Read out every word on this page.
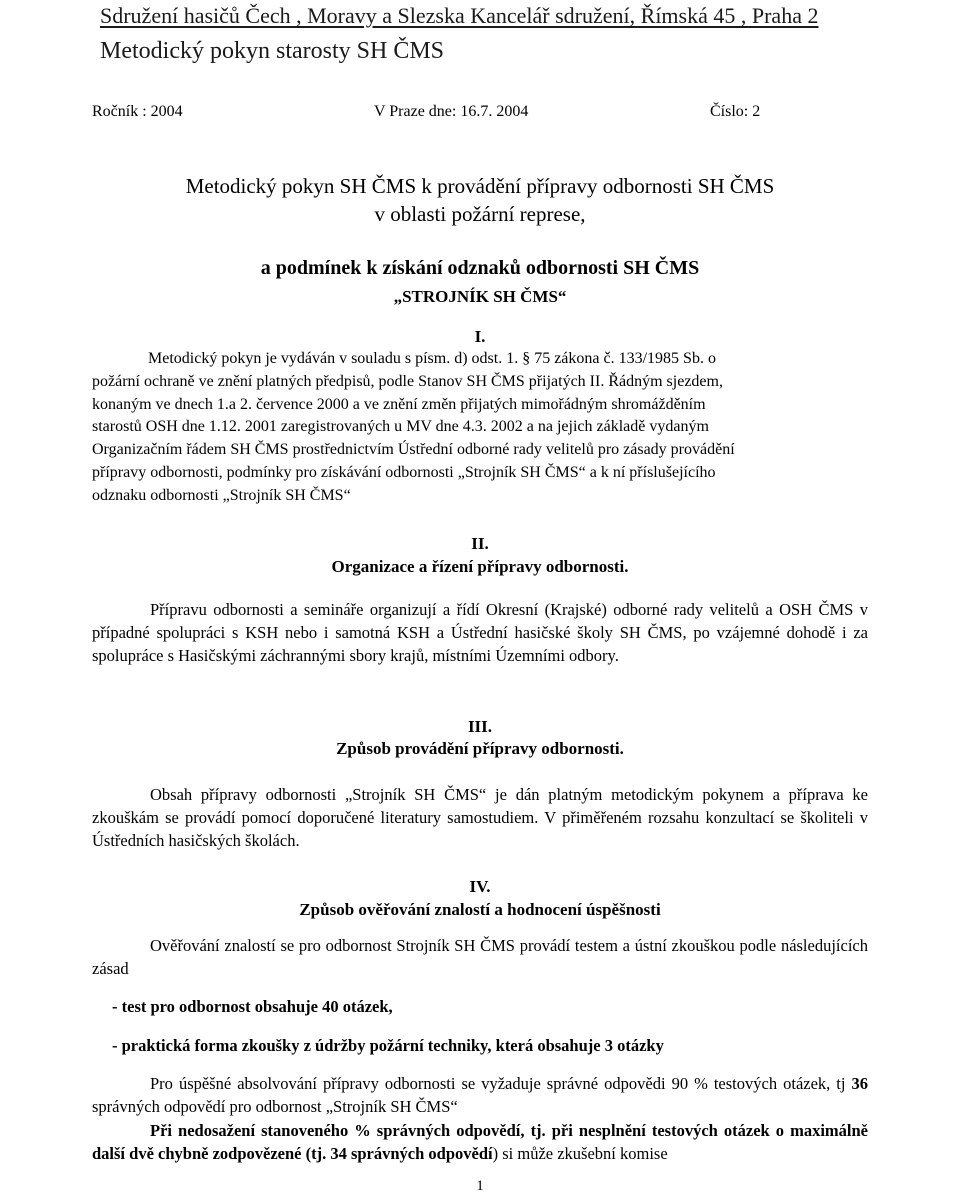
Sdružení hasičů Čech , Moravy a Slezska Kancelář sdružení, Římská 45 , Praha 2
Metodický pokyn starosty SH ČMS
Ročník : 2004	V Praze dne: 16.7. 2004	Číslo: 2
Metodický pokyn SH ČMS k provádění přípravy odbornosti SH ČMS
v oblasti požární represe,
a podmínek k získání odznaků odbornosti SH ČMS
„STROJNÍK SH ČMS“
I.
Metodický pokyn je vydáván v souladu s písm. d) odst. 1. § 75 zákona č. 133/1985 Sb. o
požární ochraně ve znění platných předpisů, podle Stanov SH ČMS přijatých II. Řádným sjezdem,
konaným ve dnech 1.a 2. července 2000 a ve znění změn přijatých mimořádným shromážděním
starostů OSH dne 1.12. 2001 zaregistrovaných u MV dne 4.3. 2002 a na jejich základě vydaným
Organizačním řádem SH ČMS prostřednictvím Ústřední odborné rady velitelů pro zásady provádění
přípravy odbornosti, podmínky pro získávání odbornosti „Strojník SH ČMS“ a k ní příslušejícího
odznaku odbornosti „Strojník SH ČMS“
II.
Organizace a řízení přípravy odbornosti.
Přípravu odbornosti a semináře organizují a řídí Okresní (Krajské) odborné rady velitelů a OSH ČMS v případné spolupráci s KSH nebo i samotná KSH a Ústřední hasičské školy SH ČMS, po vzájemné dohodě i za spolupráce s Hasičskými záchrannými sbory krajů, místními Územními odbory.
III.
Způsob provádění přípravy odbornosti.
Obsah přípravy odbornosti „Strojník SH ČMS“ je dán platným metodickým pokynem a příprava ke zkouškám se provádí pomocí doporučené literatury samostudiem. V přiměřeném rozsahu konzultací se školiteli v Ústředních hasičských školách.
IV.
Způsob ověřování znalostí a hodnocení úspěšnosti
Ověřování znalostí se pro odbornost Strojník SH ČMS provádí testem a ústní zkouškou podle následujících zásad
- test pro odbornost obsahuje 40 otázek,
- praktická forma zkoušky z údržby požární techniky, která obsahuje 3 otázky
Pro úspěšné absolvování přípravy odbornosti se vyžaduje správné odpovědi 90 % testových otázek, tj 36 správných odpovědí pro odbornost „Strojník SH ČMS“
Při nedosažení stanoveného % správných odpovědí, tj. při nesplnění testových otázek o maximálně další dvě chybně zodpovězené (tj. 34 správných odpovědí) si může zkušební komise
1
